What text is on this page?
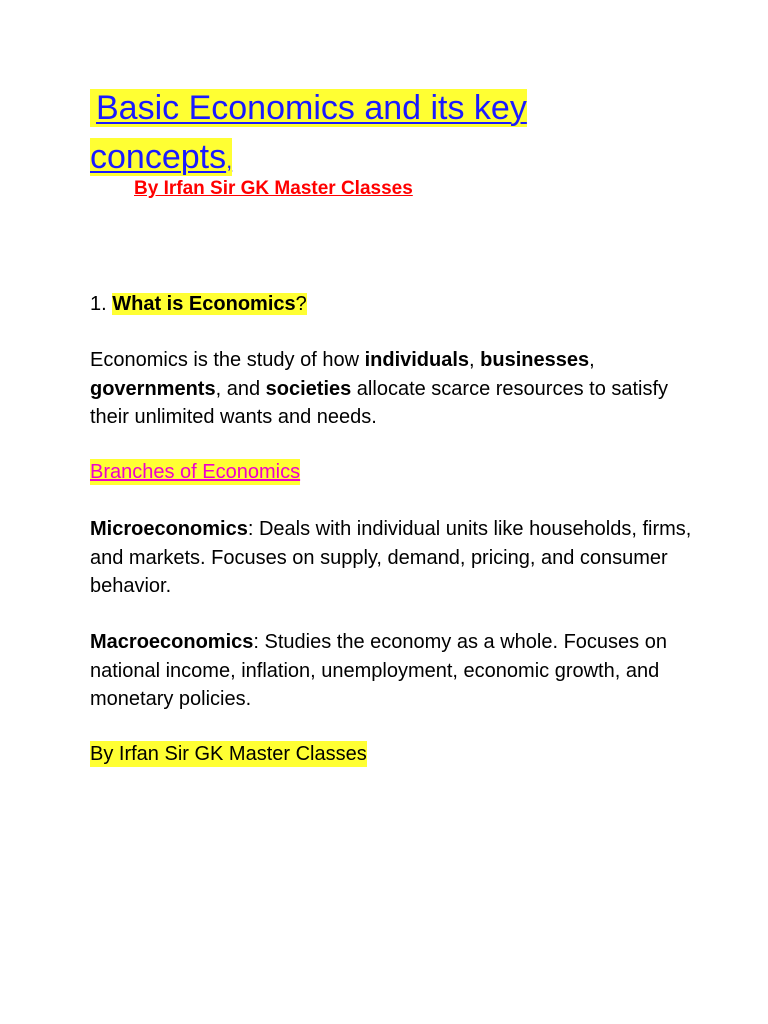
Basic Economics and its key concepts,
By Irfan Sir GK Master Classes

1. What is Economics?

Economics is the study of how individuals, businesses,
governments, and societies allocate scarce resources to satisfy their unlimited wants and needs.

Branches of Economics

Microeconomics: Deals with individual units like households, firms, and markets. Focuses on supply, demand, pricing, and consumer behavior.

Macroeconomics: Studies the economy as a whole. Focuses on national income, inflation, unemployment, economic growth, and monetary policies.

By Irfan Sir GK Master Classes
